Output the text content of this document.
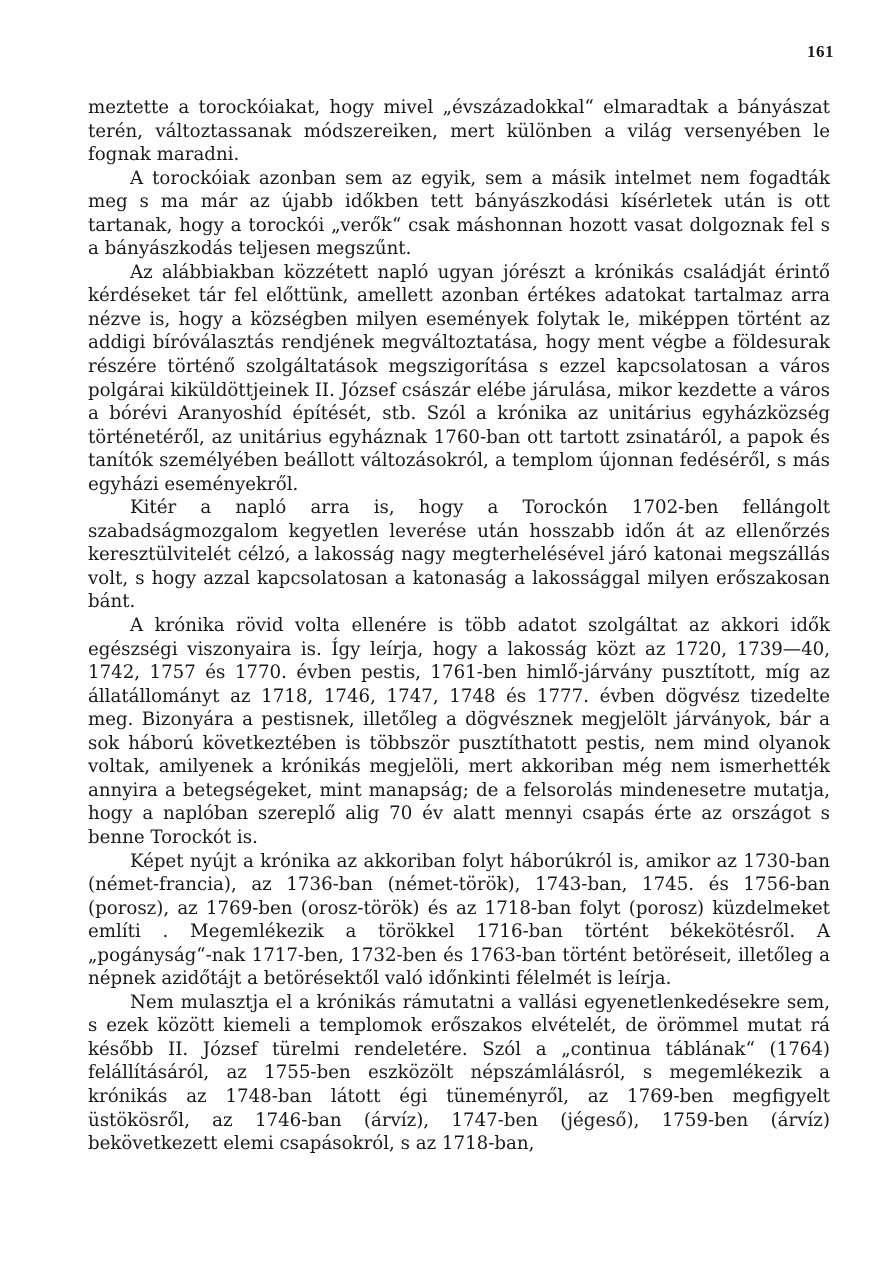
161

meztette a torockóiakat, hogy mivel „évszázadokkal“ elmaradtak a bányászat terén, változtassanak módszereiken, mert különben a világ versenyében le fognak maradni.

A torockóiak azonban sem az egyik, sem a másik intelmet nem fogadták meg s ma már az újabb időkben tett bányászkodási kísérletek után is ott tartanak, hogy a torockói „verők“ csak máshonnan hozott vasat dolgoznak fel s a bányászkodás teljesen megszűnt.

Az alábbiakban közzétett napló ugyan jórészt a krónikás családját érintő kérdéseket tár fel előttünk, amellett azonban értékes adatokat tartalmaz arra nézve is, hogy a községben milyen események folytak le, miképpen történt az addigi bíróválasztás rendjének megváltoztatása, hogy ment végbe a földesurak részére történő szolgáltatások megszigorítása s ezzel kapcsolatosan a város polgárai kiküldöttjeinek II. József császár elébe járulása, mikor kezdette a város a bórévi Aranyoshíd építését, stb. Szól a krónika az unitárius egyházközség történetéről, az unitárius egyháznak 1760-ban ott tartott zsinatáról, a papok és tanítók személyében beállott változásokról, a templom újonnan fedéséről, s más egyházi eseményekről.

Kitér a napló arra is, hogy a Torockón 1702-ben fellángolt szabadságmozgalom kegyetlen leverése után hosszabb időn át az ellenőrzés keresztülvitelét célzó, a lakosság nagy megterhelésével járó katonai megszállás volt, s hogy azzal kapcsolatosan a katonaság a lakossággal milyen erőszakosan bánt.

A krónika rövid volta ellenére is több adatot szolgáltat az akkori idők egészségi viszonyaira is. Így leírja, hogy a lakosság közt az 1720, 1739—40, 1742, 1757 és 1770. évben pestis, 1761-ben himlő-járvány pusztított, míg az állatállományt az 1718, 1746, 1747, 1748 és 1777. évben dögvész tizedelte meg. Bizonyára a pestisnek, illetőleg a dögvésznek megjelölt járványok, bár a sok háború következtében is többször pusztíthatott pestis, nem mind olyanok voltak, amilyenek a krónikás megjelöli, mert akkoriban még nem ismerhették annyira a betegségeket, mint manapság; de a felsorolás mindenesetre mutatja, hogy a naplóban szereplő alig 70 év alatt mennyi csapás érte az országot s benne Torockót is.

Képet nyújt a krónika az akkoriban folyt háborúkról is, amikor az 1730-ban (német-francia), az 1736-ban (német-török), 1743-ban, 1745. és 1756-ban (porosz), az 1769-ben (orosz-török) és az 1718-ban folyt (porosz) küzdelmeket említi . Megemlékezik a törökkel 1716-ban történt békekötésről. A „pogányság“-nak 1717-ben, 1732-ben és 1763-ban történt betöréseit, illetőleg a népnek azidőtájt a betörésektől való időnkinti félelmét is leírja.

Nem mulasztja el a krónikás rámutatni a vallási egyenetlenkedésekre sem, s ezek között kiemeli a templomok erőszakos elvételét, de örömmel mutat rá később II. József türelmi rendeletére. Szól a „continua táblának“ (1764) felállításáról, az 1755-ben eszközölt népszámlálásról, s megemlékezik a krónikás az 1748-ban látott égi tüneményről, az 1769-ben megfigyelt üstökösről, az 1746-ban (árvíz), 1747-ben (jégeső), 1759-ben (árvíz) bekövetkezett elemi csapásokról, s az 1718-ban,
